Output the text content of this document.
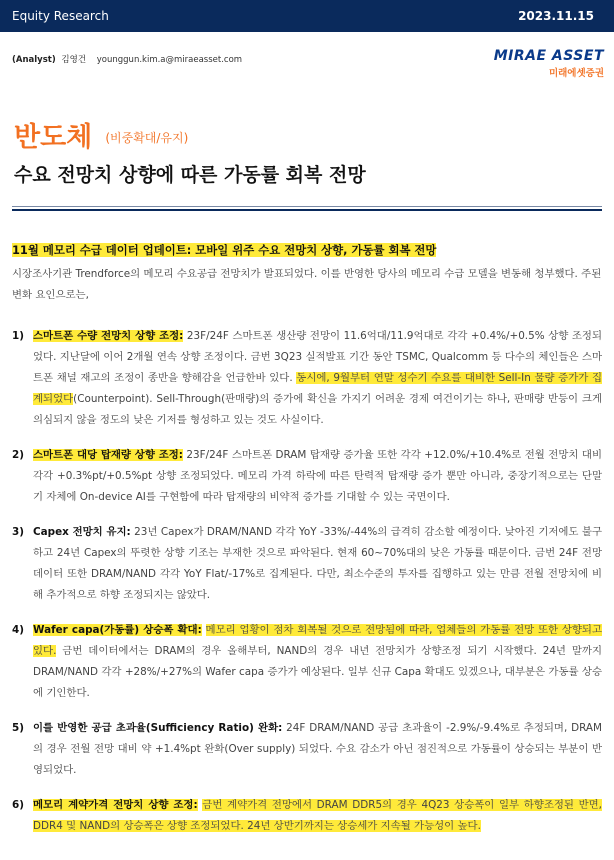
Equity Research	2023.11.15
(Analyst) 김영건 younggun.kim.a@miraeasset.com	MIRAE ASSET
미래에셋증권
반도체 $^{(비중확대/유지)}$
수요 전망치 상향에 따른 가동률 회복 전망
11월 메모리 수급 데이터 업데이트: 모바일 위주 수요 전망치 상향, 가동률 회복 전망
시장조사기관 Trendforce의 메모리 수요공급 전망치가 발표되었다. 이를 반영한 당사의 메모리 수급 모델을 변동해 청부했다. 주된 변화 요인으로는,
1) 스마트폰 수량 전망치 상향 조정: 23F/24F 스마트폰 생산량 전망이 11.6억대/11.9억대로 각각 +0.4%/+0.5% 상향 조정되었다. 지난달에 이어 2개월 연속 상향 조정이다. 금번 3Q23 실적발표 기간 동안 TSMC, Qualcomm 등 다수의 체인들은 스마트폰 채널 재고의 조정이 종반을 향해감을 언급한바 있다. 동시에, 9월부터 연말 성수기 수요를 대비한 Sell-In 물량 증가가 집계되었다(Counterpoint). Sell-Through(판매량)의 증가에 확신을 가지기 어려운 경제 여건이기는 하나, 판매량 반등이 크게 의심되지 않을 정도의 낮은 기저를 형성하고 있는 것도 사실이다.
2) 스마트폰 대당 탑재량 상향 조정: 23F/24F 스마트폰 DRAM 탑재량 증가율 또한 각각 +12.0%/+10.4%로 전월 전망치 대비 각각 +0.3%pt/+0.5%pt 상향 조정되었다. 메모리 가격 하락에 따른 탄력적 탑재량 증가 뿐만 아니라, 중장기적으로는 단말기 자체에 On-device AI를 구현함에 따라 탑재량의 비약적 증가를 기대할 수 있는 국면이다.
3) Capex 전망치 유지: 23년 Capex가 DRAM/NAND 각각 YoY -33%/-44%의 급격히 감소할 예정이다. 낮아진 기저에도 불구하고 24년 Capex의 뚜렷한 상향 기조는 부재한 것으로 파악된다. 현재 60~70%대의 낮은 가동률 때문이다. 금번 24F 전망 데이터 또한 DRAM/NAND 각각 YoY Flat/-17%로 집계된다. 다만, 최소수준의 투자를 집행하고 있는 만큼 전월 전망치에 비해 추가적으로 하향 조정되지는 않았다.
4) Wafer capa(가동률) 상승폭 확대: 메모리 업황이 점차 회복될 것으로 전망됨에 따라, 업체들의 가동률 전망 또한 상향되고 있다. 금번 데이터에서는 DRAM의 경우 올해부터, NAND의 경우 내년 전망치가 상향조정 되기 시작했다. 24년 말까지 DRAM/NAND 각각 +28%/+27%의 Wafer capa 증가가 예상된다. 일부 신규 Capa 확대도 있겠으나, 대부분은 가동률 상승에 기인한다.
5) 이를 반영한 공급 초과율(Sufficiency Ratio) 완화: 24F DRAM/NAND 공급 초과율이 -2.9%/-9.4%로 추정되며, DRAM의 경우 전월 전망 대비 약 +1.4%pt 완화(Over supply) 되었다. 수요 감소가 아닌 점진적으로 가동률이 상승되는 부분이 반영되었다.
6) 메모리 계약가격 전망치 상향 조정: 금번 계약가격 전망에서 DRAM DDR5의 경우 4Q23 상승폭이 일부 하향조정된 반면, DDR4 및 NAND의 상승폭은 상향 조정되었다. 24년 상반기까지는 상승세가 지속될 가능성이 높다.
